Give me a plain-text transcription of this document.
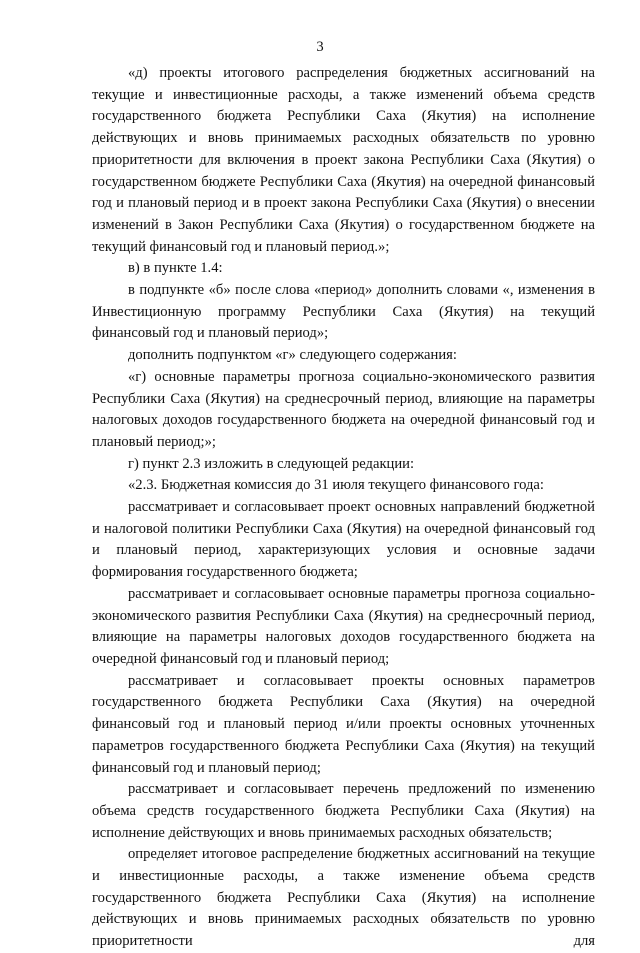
3

«д) проекты итогового распределения бюджетных ассигнований на текущие и инвестиционные расходы, а также изменений объема средств государственного бюджета Республики Саха (Якутия) на исполнение действующих и вновь принимаемых расходных обязательств по уровню приоритетности для включения в проект закона Республики Саха (Якутия) о государственном бюджете Республики Саха (Якутия) на очередной финансовый год и плановый период и в проект закона Республики Саха (Якутия) о внесении изменений в Закон Республики Саха (Якутия) о государственном бюджете на текущий финансовый год и плановый период.»;

в) в пункте 1.4:

в подпункте «б» после слова «период» дополнить словами «, изменения в Инвестиционную программу Республики Саха (Якутия) на текущий финансовый год и плановый период»;

дополнить подпунктом «г» следующего содержания:

«г) основные параметры прогноза социально-экономического развития Республики Саха (Якутия) на среднесрочный период, влияющие на параметры налоговых доходов государственного бюджета на очередной финансовый год и плановый период;»;

г) пункт 2.3 изложить в следующей редакции:

«2.3. Бюджетная комиссия до 31 июля текущего финансового года:

рассматривает и согласовывает проект основных направлений бюджетной и налоговой политики Республики Саха (Якутия) на очередной финансовый год и плановый период, характеризующих условия и основные задачи формирования государственного бюджета;

рассматривает и согласовывает основные параметры прогноза социально-экономического развития Республики Саха (Якутия) на среднесрочный период, влияющие на параметры налоговых доходов государственного бюджета на очередной финансовый год и плановый период;

рассматривает и согласовывает проекты основных параметров государственного бюджета Республики Саха (Якутия) на очередной финансовый год и плановый период и/или проекты основных уточненных параметров государственного бюджета Республики Саха (Якутия) на текущий финансовый год и плановый период;

рассматривает и согласовывает перечень предложений по изменению объема средств государственного бюджета Республики Саха (Якутия) на исполнение действующих и вновь принимаемых расходных обязательств;

определяет итоговое распределение бюджетных ассигнований на текущие и инвестиционные расходы, а также изменение объема средств государственного бюджета Республики Саха (Якутия) на исполнение действующих и вновь принимаемых расходных обязательств по уровню приоритетности для
